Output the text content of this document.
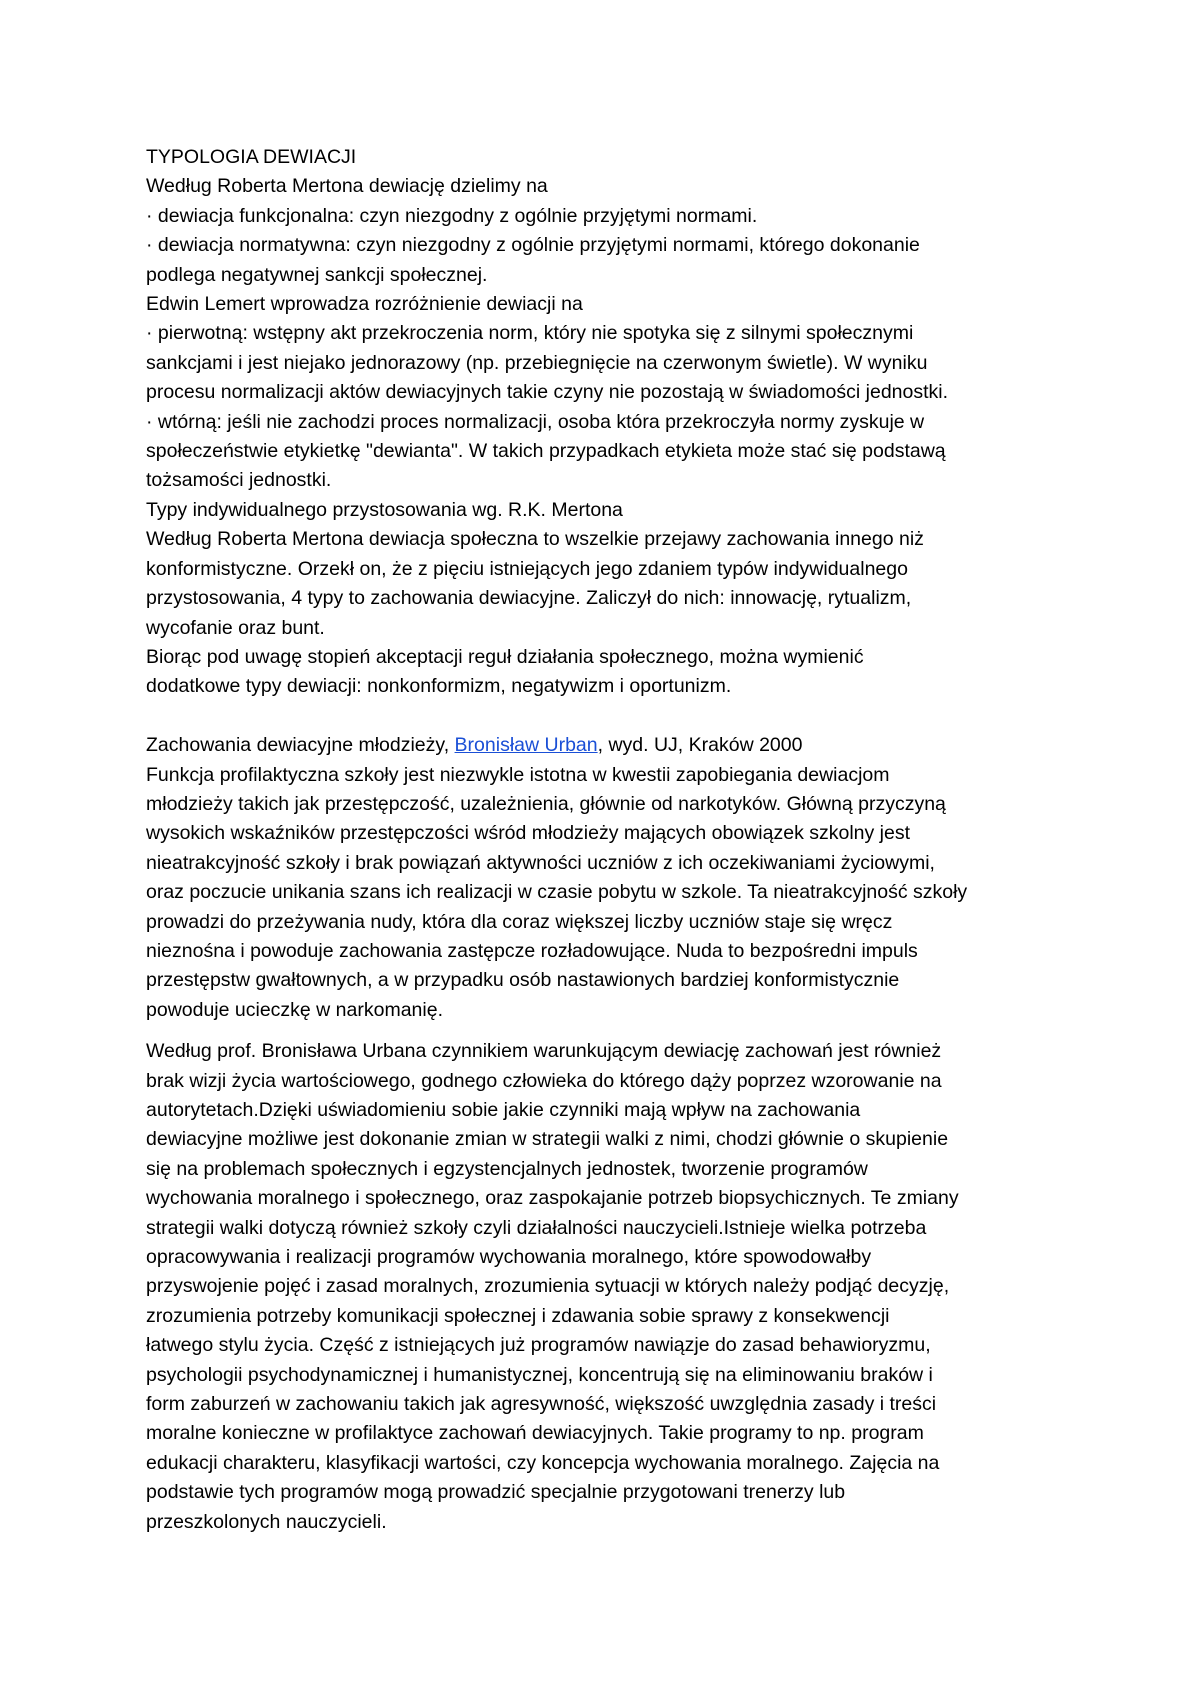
TYPOLOGIA DEWIACJI
Według Roberta Mertona dewiację dzielimy na
· dewiacja funkcjonalna: czyn niezgodny z ogólnie przyjętymi normami.
· dewiacja normatywna: czyn niezgodny z ogólnie przyjętymi normami, którego dokonanie
podlega negatywnej sankcji społecznej.
Edwin Lemert wprowadza rozróżnienie dewiacji na
· pierwotną: wstępny akt przekroczenia norm, który nie spotyka się z silnymi społecznymi
sankcjami i jest niejako jednorazowy (np. przebiegnięcie na czerwonym świetle). W wyniku
procesu normalizacji aktów dewiacyjnych takie czyny nie pozostają w świadomości jednostki.
· wtórną: jeśli nie zachodzi proces normalizacji, osoba która przekroczyła normy zyskuje w
społeczeństwie etykietkę "dewianta". W takich przypadkach etykieta może stać się podstawą
tożsamości jednostki.
Typy indywidualnego przystosowania wg. R.K. Mertona
Według Roberta Mertona dewiacja społeczna to wszelkie przejawy zachowania innego niż
konformistyczne. Orzekł on, że z pięciu istniejących jego zdaniem typów indywidualnego
przystosowania, 4 typy to zachowania dewiacyjne. Zaliczył do nich: innowację, rytualizm,
wycofanie oraz bunt.
Biorąc pod uwagę stopień akceptacji reguł działania społecznego, można wymienić
dodatkowe typy dewiacji: nonkonformizm, negatywizm i oportunizm.
Zachowania dewiacyjne młodzieży, Bronisław Urban, wyd. UJ, Kraków 2000
Funkcja profilaktyczna szkoły jest niezwykle istotna w kwestii zapobiegania dewiacjom
młodzieży takich jak przestępczość, uzależnienia, głównie od narkotyków. Główną przyczyną
wysokich wskaźników przestępczości wśród młodzieży mających obowiązek szkolny jest
nieatrakcyjność szkoły i brak powiązań aktywności uczniów z ich oczekiwaniami życiowymi,
oraz poczucie unikania szans ich realizacji w czasie pobytu w szkole. Ta nieatrakcyjność szkoły
prowadzi do przeżywania nudy, która dla coraz większej liczby uczniów staje się wręcz
nieznośna i powoduje zachowania zastępcze rozładowujące. Nuda to bezpośredni impuls
przestępstw gwałtownych, a w przypadku osób nastawionych bardziej konformistycznie
powoduje ucieczkę w narkomanię.
Według prof. Bronisława Urbana czynnikiem warunkującym dewiację zachowań jest również
brak wizji życia wartościowego, godnego człowieka do którego dąży poprzez wzorowanie na
autorytetach.Dzięki uświadomieniu sobie jakie czynniki mają wpływ na zachowania
dewiacyjne możliwe jest dokonanie zmian w strategii walki z nimi, chodzi głównie o skupienie
się na problemach społecznych i egzystencjalnych jednostek, tworzenie programów
wychowania moralnego i społecznego, oraz zaspokajanie potrzeb biopsychicznych. Te zmiany
strategii walki dotyczą również szkoły czyli działalności nauczycieli.Istnieje wielka potrzeba
opracowywania i realizacji programów wychowania moralnego, które spowodowałby
przyswojenie pojęć i zasad moralnych, zrozumienia sytuacji w których należy podjąć decyzję,
zrozumienia potrzeby komunikacji społecznej i zdawania sobie sprawy z konsekwencji
łatwego stylu życia. Część z istniejących już programów nawiązje do zasad behawioryzmu,
psychologii psychodynamicznej i humanistycznej, koncentrują się na eliminowaniu braków i
form zaburzeń w zachowaniu takich jak agresywność, większość uwzględnia zasady i treści
moralne konieczne w profilaktyce zachowań dewiacyjnych. Takie programy to np. program
edukacji charakteru, klasyfikacji wartości, czy koncepcja wychowania moralnego. Zajęcia na
podstawie tych programów mogą prowadzić specjalnie przygotowani trenerzy lub
przeszkolonych nauczycieli.
